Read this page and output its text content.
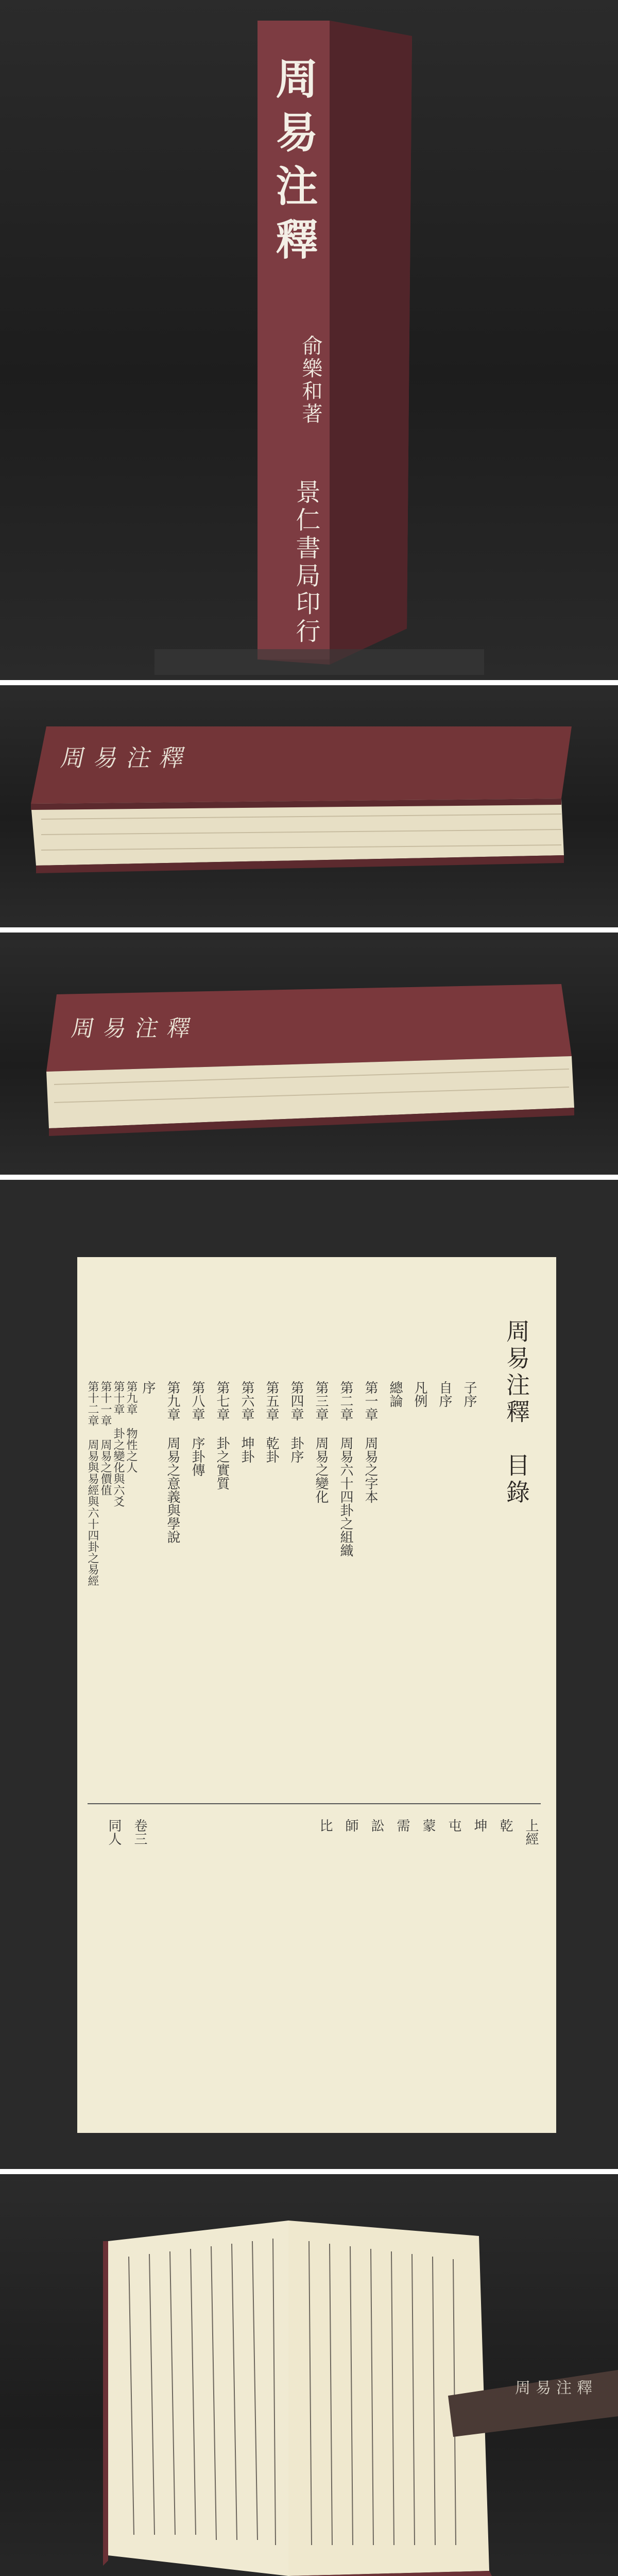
周易注釋
俞樂和著
景仁書局印行
周易注釋
周易注釋
周易注釋　目錄
子序
自序
凡例
總論
第一章 周易之字本
第二章 周易六十四卦之組織
第三章 周易之變化
第四章 卦序
第五章 乾卦
第六章 坤卦
第七章 卦之實質
第八章 序卦傳
第九章 周易之意義與學說
序
第九章 物性之人
第十章 卦之變化與六爻
第十一章 周易之價值
第十二章 周易與易經與六十四卦之易經
上經
乾
坤
屯
蒙
需
訟
師
比
卷三
同人
周易注釋
